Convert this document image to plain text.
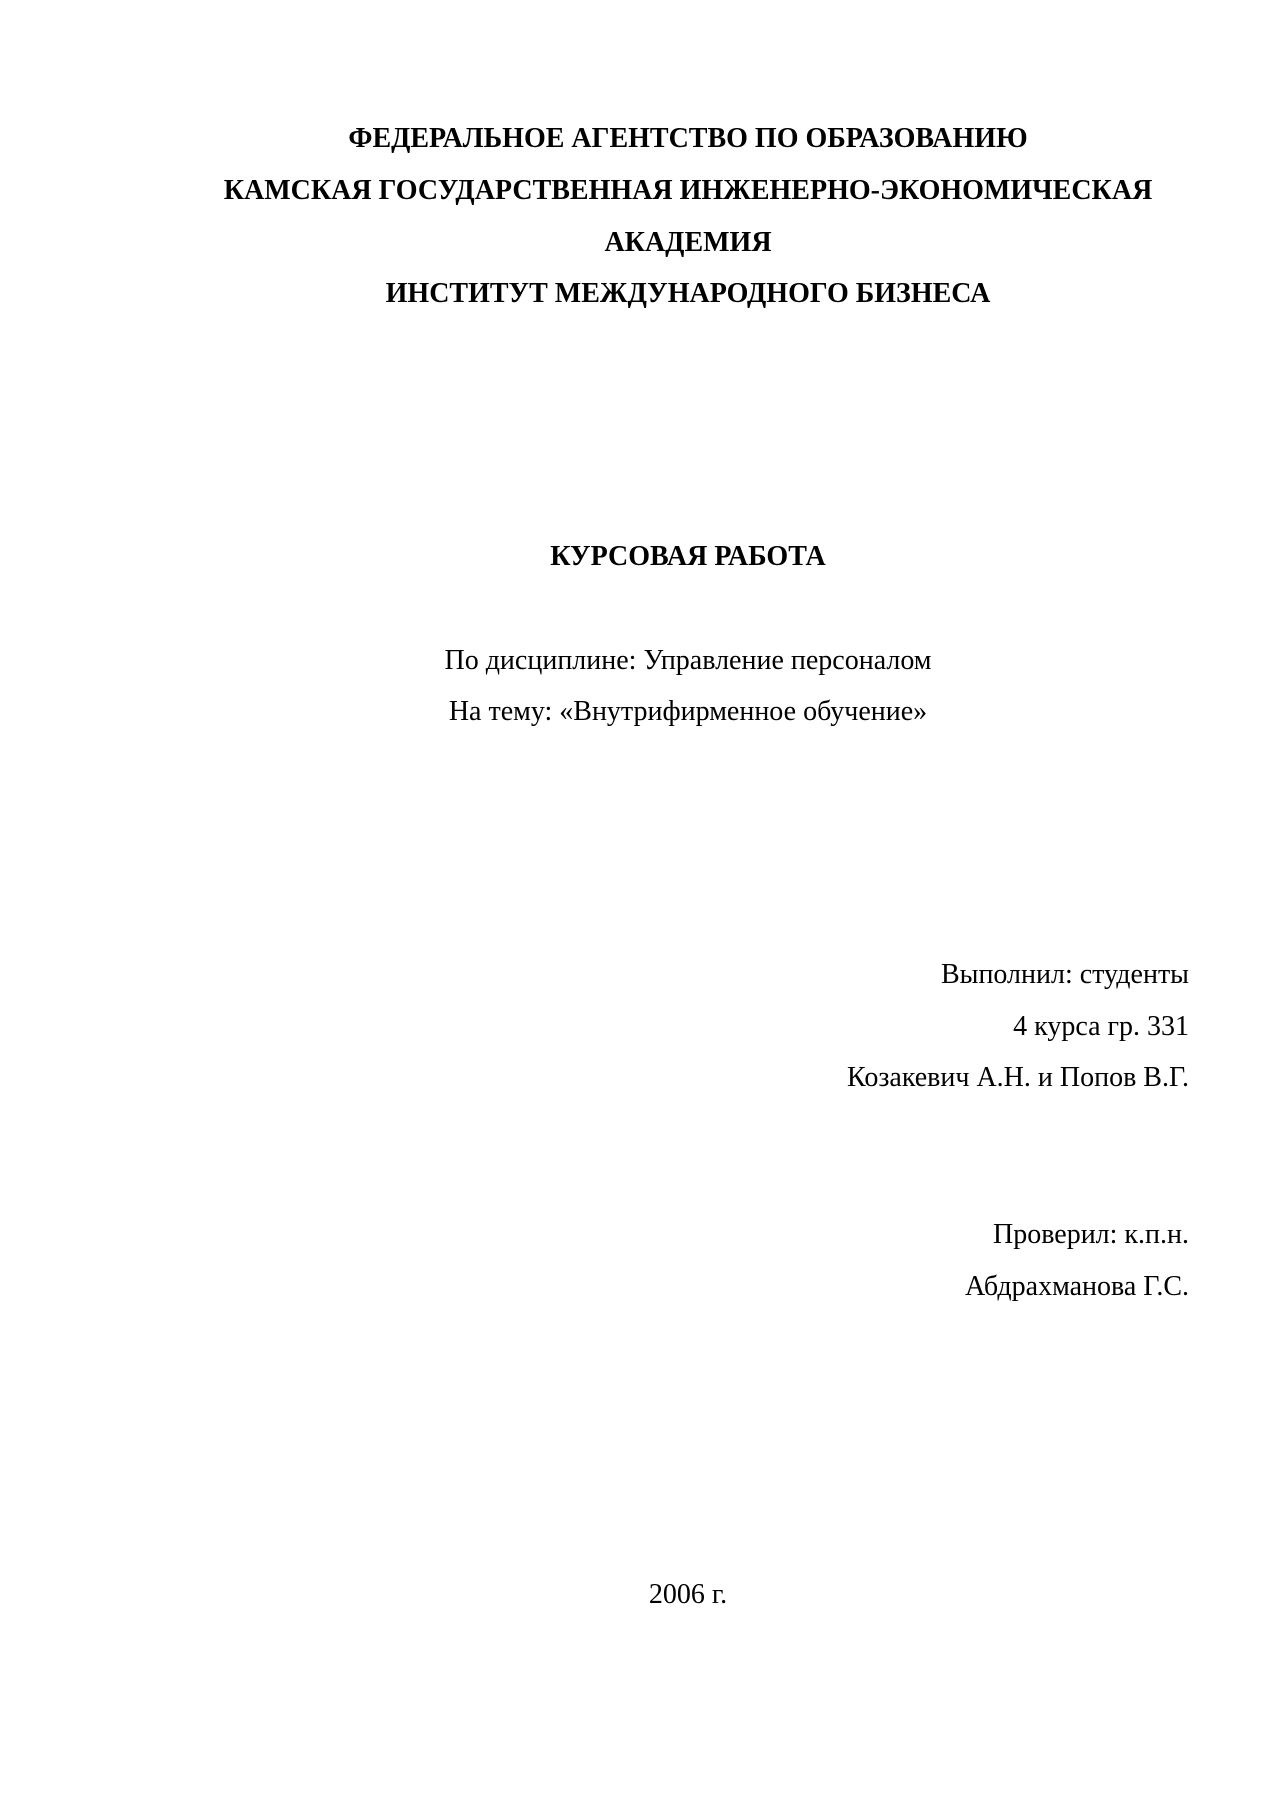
ФЕДЕРАЛЬНОЕ АГЕНТСТВО ПО ОБРАЗОВАНИЮ
КАМСКАЯ ГОСУДАРСТВЕННАЯ ИНЖЕНЕРНО-ЭКОНОМИЧЕСКАЯ
АКАДЕМИЯ
ИНСТИТУТ МЕЖДУНАРОДНОГО БИЗНЕСА
КУРСОВАЯ РАБОТА
По дисциплине: Управление персоналом
На тему: «Внутрифирменное обучение»
Выполнил: студенты
4 курса гр. 331
Козакевич А.Н. и Попов В.Г.
Проверил: к.п.н.
Абдрахманова Г.С.
2006 г.
